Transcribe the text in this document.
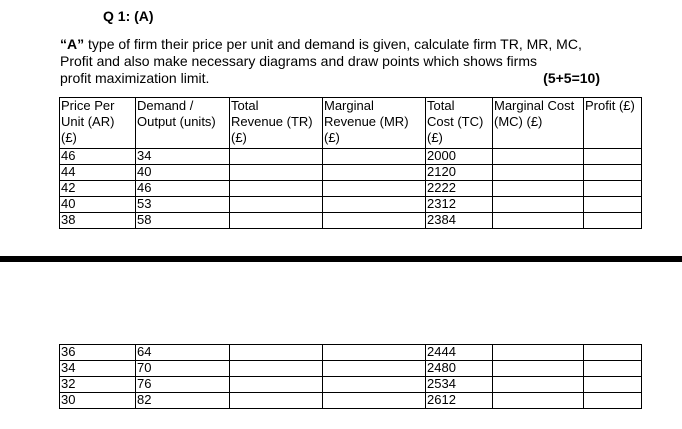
Q 1: (A)
“A” type of firm their price per unit and demand is given, calculate firm TR, MR, MC, Profit and also make necessary diagrams and draw points which shows firms
profit maximization limit.	(5+5=10)
Price Per
Unit (AR)
(£)	Demand /
Output (units)	Total
Revenue (TR)
(£)	Marginal
Revenue (MR)
(£)	Total
Cost (TC)
(£)	Marginal Cost
(MC) (£)	Profit (£)

46	34			2000		
44	40			2120		
42	46			2222		
40	53			2312		
38	58			2384		
36	64			2444		
34	70			2480		
32	76			2534		
30	82			2612		
